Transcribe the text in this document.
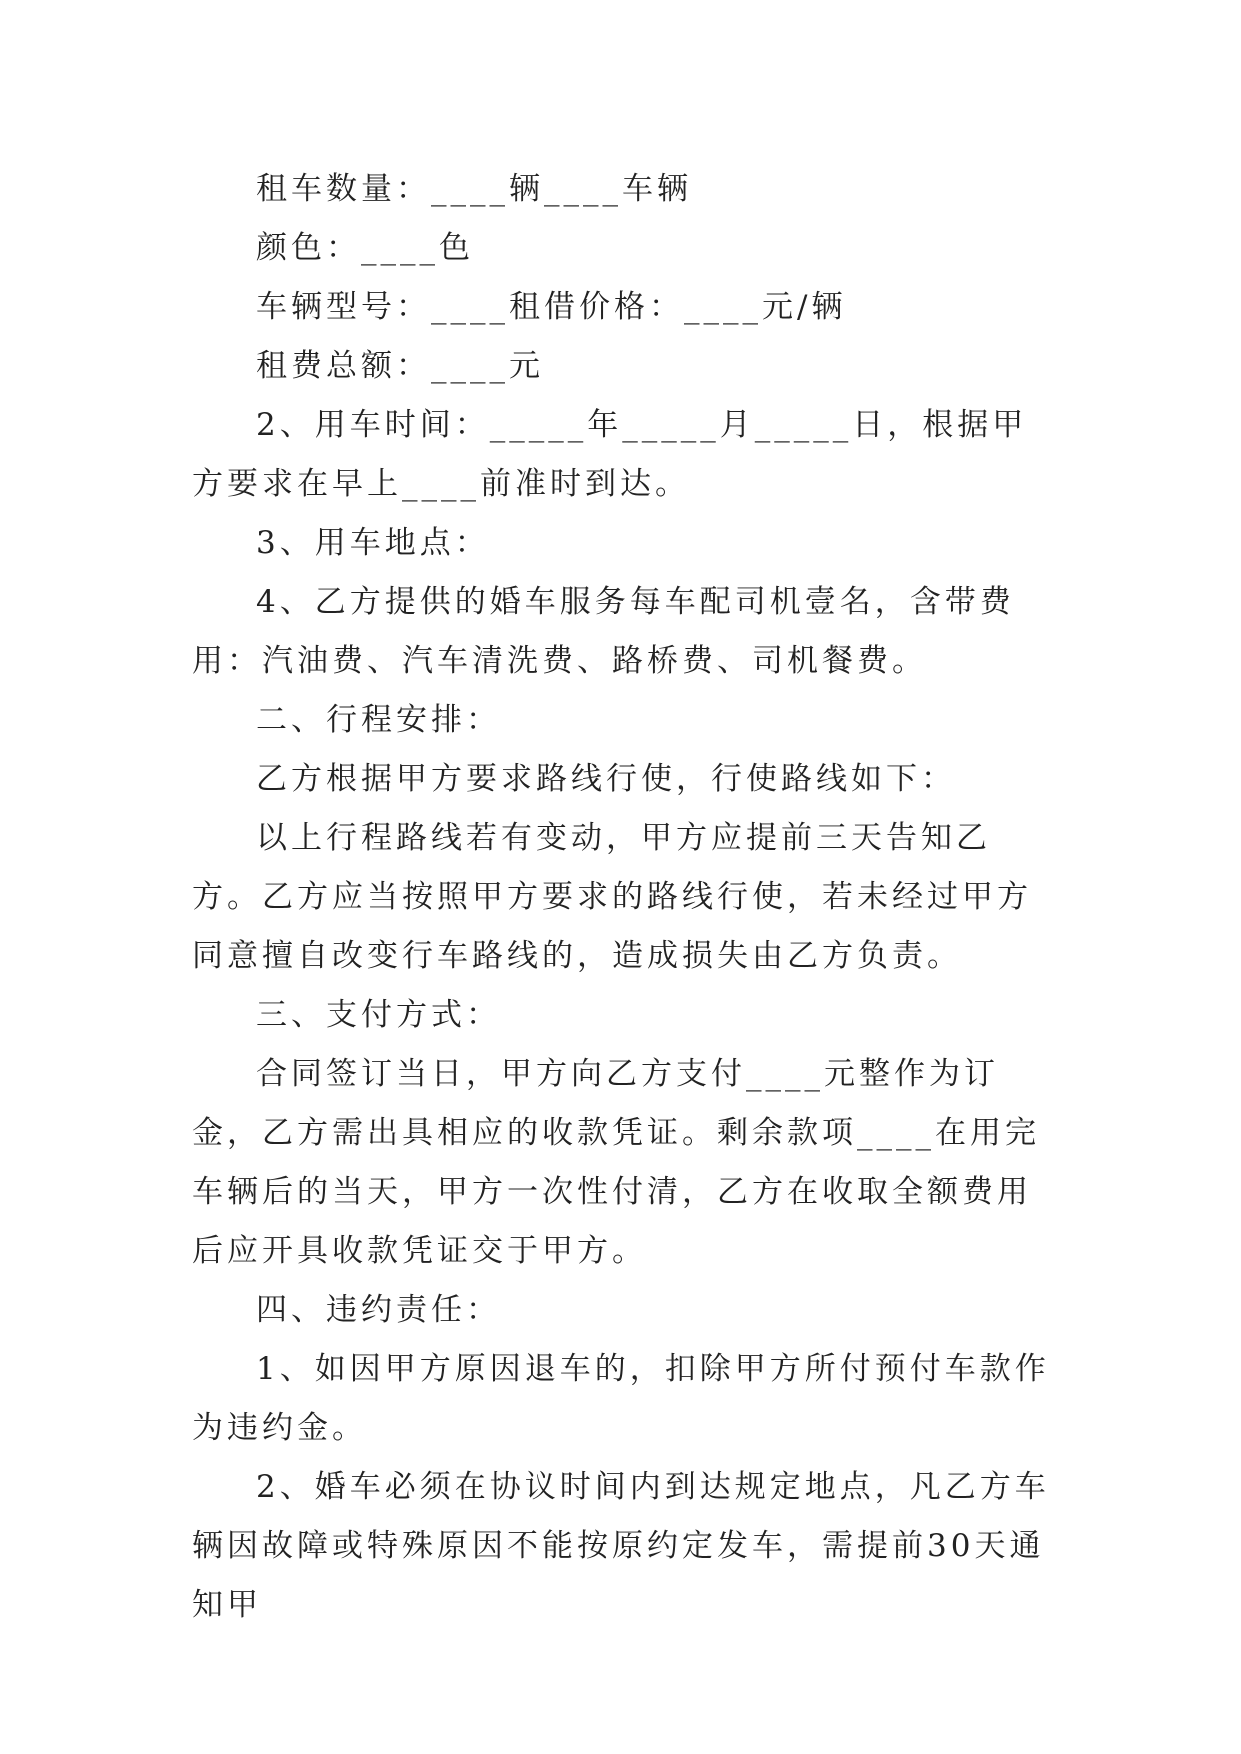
租车数量：____辆____车辆

颜色：____色

车辆型号：____租借价格：____元/辆

租费总额：____元

2、用车时间：_____年_____月_____日，根据甲方要求在早上____前准时到达。

3、用车地点：

4、乙方提供的婚车服务每车配司机壹名，含带费用：汽油费、汽车清洗费、路桥费、司机餐费。

二、行程安排：

乙方根据甲方要求路线行使，行使路线如下：

以上行程路线若有变动，甲方应提前三天告知乙方。乙方应当按照甲方要求的路线行使，若未经过甲方同意擅自改变行车路线的，造成损失由乙方负责。

三、支付方式：

合同签订当日，甲方向乙方支付____元整作为订金，乙方需出具相应的收款凭证。剩余款项____在用完车辆后的当天，甲方一次性付清，乙方在收取全额费用后应开具收款凭证交于甲方。

四、违约责任：

1、如因甲方原因退车的，扣除甲方所付预付车款作为违约金。

2、婚车必须在协议时间内到达规定地点，凡乙方车辆因故障或特殊原因不能按原约定发车，需提前30天通知甲
